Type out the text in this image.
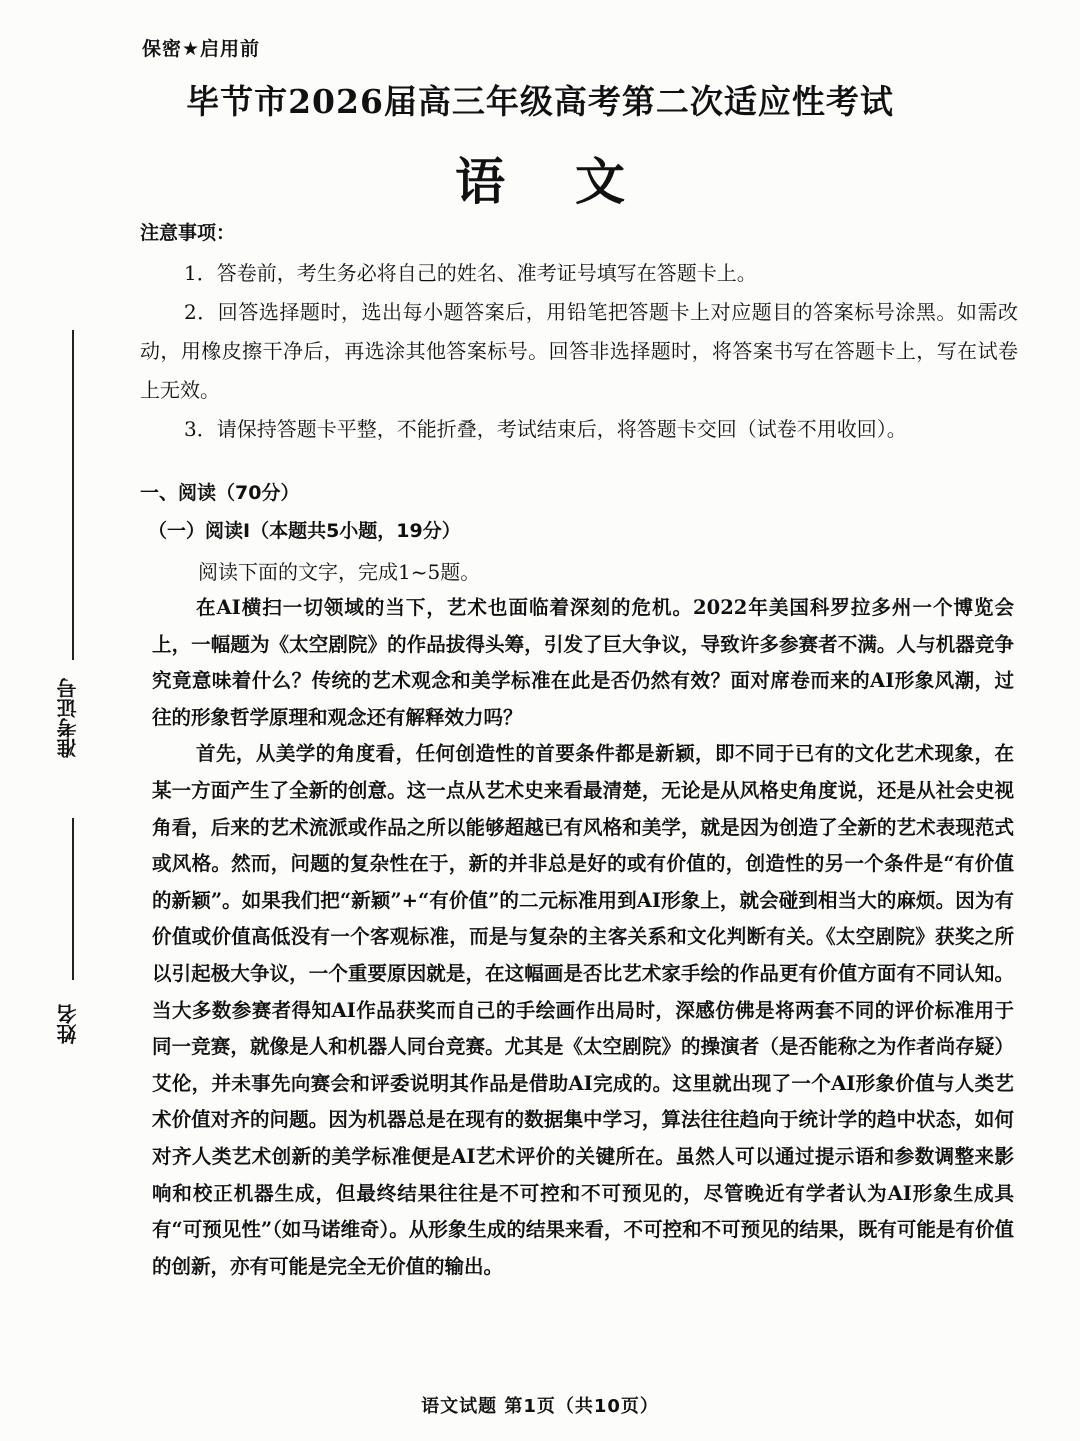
准考证号
姓名
保密★启用前
毕节市2026届高三年级高考第二次适应性考试
语 文
注意事项：

1．答卷前，考生务必将自己的姓名、准考证号填写在答题卡上。

2．回答选择题时，选出每小题答案后，用铅笔把答题卡上对应题目的答案标号涂黑。如需改动，用橡皮擦干净后，再选涂其他答案标号。回答非选择题时，将答案书写在答题卡上，写在试卷上无效。

3．请保持答题卡平整，不能折叠，考试结束后，将答题卡交回（试卷不用收回）。

一、阅读（70分）
（一）阅读Ⅰ（本题共5小题，19分）
阅读下面的文字，完成1~5题。

在AI横扫一切领域的当下，艺术也面临着深刻的危机。2022年美国科罗拉多州一个博览会上，一幅题为《太空剧院》的作品拔得头筹，引发了巨大争议，导致许多参赛者不满。人与机器竞争究竟意味着什么？传统的艺术观念和美学标准在此是否仍然有效？面对席卷而来的AI形象风潮，过往的形象哲学原理和观念还有解释效力吗？

首先，从美学的角度看，任何创造性的首要条件都是新颖，即不同于已有的文化艺术现象，在某一方面产生了全新的创意。这一点从艺术史来看最清楚，无论是从风格史角度说，还是从社会史视角看，后来的艺术流派或作品之所以能够超越已有风格和美学，就是因为创造了全新的艺术表现范式或风格。然而，问题的复杂性在于，新的并非总是好的或有价值的，创造性的另一个条件是“有价值的新颖”。如果我们把“新颖”+“有价值”的二元标准用到AI形象上，就会碰到相当大的麻烦。因为有价值或价值高低没有一个客观标准，而是与复杂的主客关系和文化判断有关。《太空剧院》获奖之所以引起极大争议，一个重要原因就是，在这幅画是否比艺术家手绘的作品更有价值方面有不同认知。当大多数参赛者得知AI作品获奖而自己的手绘画作出局时，深感仿佛是将两套不同的评价标准用于同一竞赛，就像是人和机器人同台竞赛。尤其是《太空剧院》的操演者（是否能称之为作者尚存疑）艾伦，并未事先向赛会和评委说明其作品是借助AI完成的。这里就出现了一个AI形象价值与人类艺术价值对齐的问题。因为机器总是在现有的数据集中学习，算法往往趋向于统计学的趋中状态，如何对齐人类艺术创新的美学标准便是AI艺术评价的关键所在。虽然人可以通过提示语和参数调整来影响和校正机器生成，但最终结果往往是不可控和不可预见的，尽管晚近有学者认为AI形象生成具有“可预见性”（如马诺维奇）。从形象生成的结果来看，不可控和不可预见的结果，既有可能是有价值的创新，亦有可能是完全无价值的输出。

语文试题 第1页（共10页）
